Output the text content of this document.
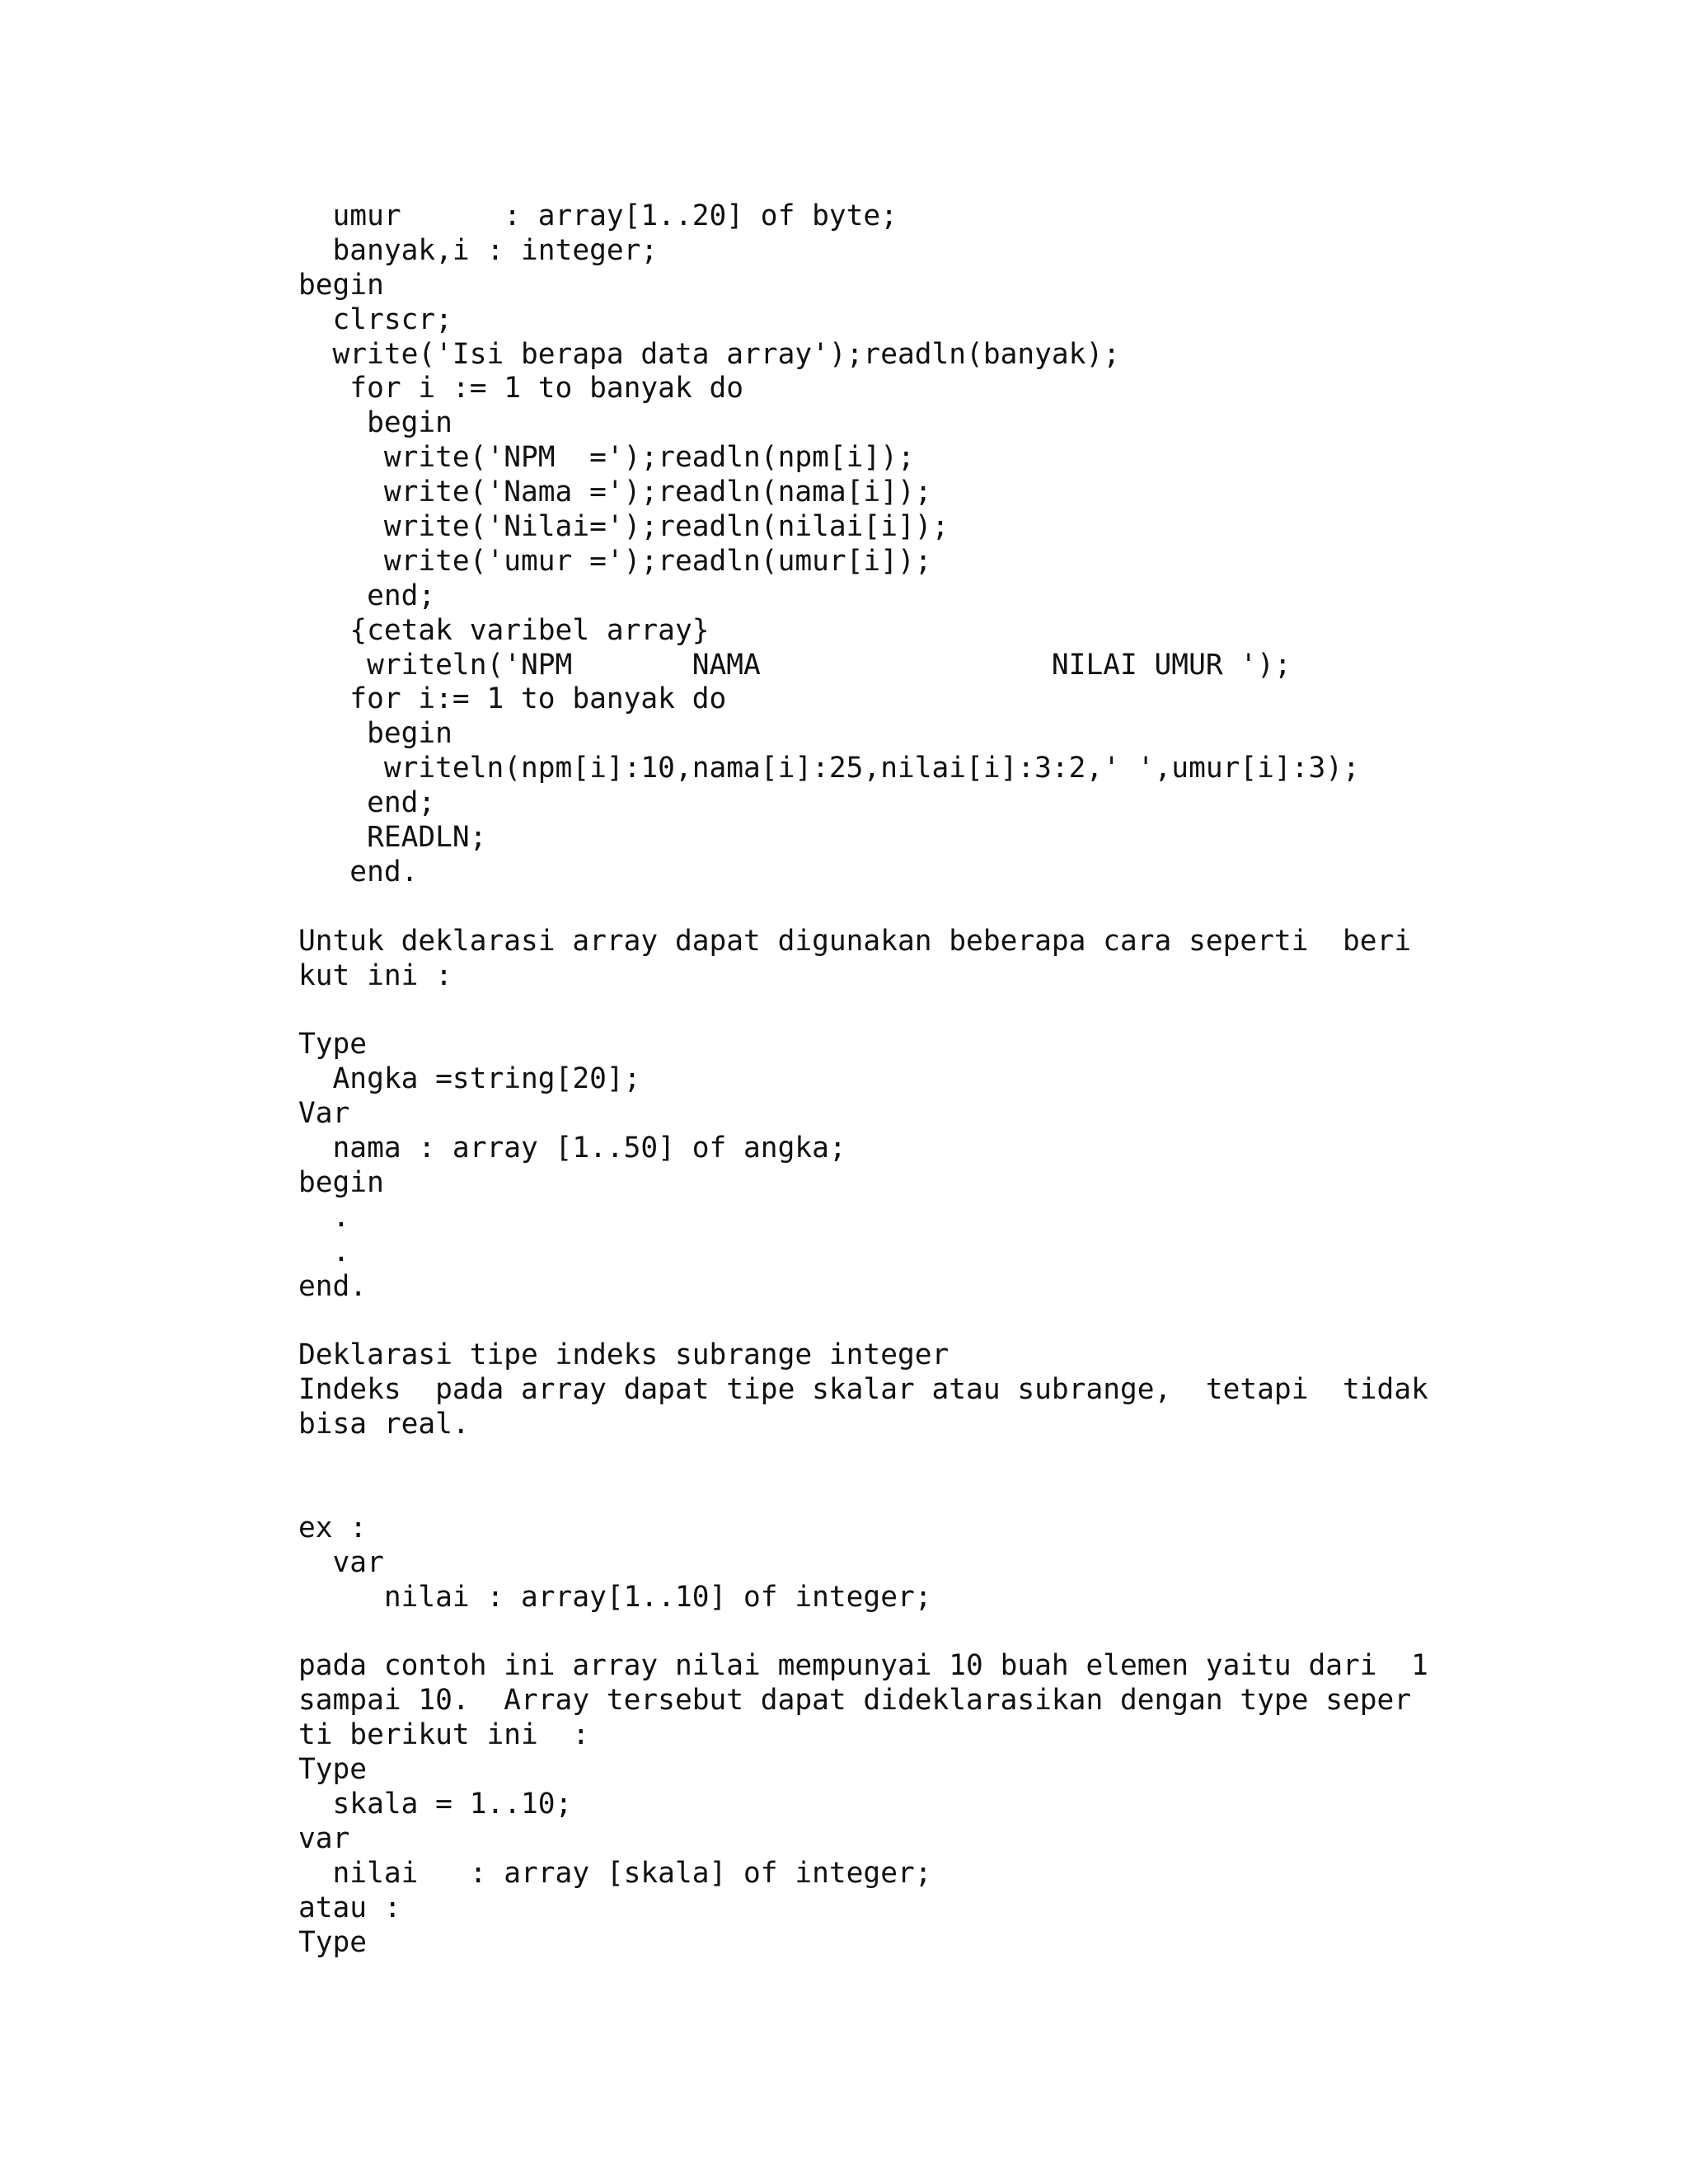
umur      : array[1..20] of byte;
banyak,i : integer;
begin
clrscr;
write('Isi berapa data array');readln(banyak);
for i := 1 to banyak do
begin
write('NPM  =');readln(npm[i]);
write('Nama =');readln(nama[i]);
write('Nilai=');readln(nilai[i]);
write('umur =');readln(umur[i]);
end;
{cetak varibel array}
writeln('NPM       NAMA                 NILAI UMUR ');
for i:= 1 to banyak do
begin
writeln(npm[i]:10,nama[i]:25,nilai[i]:3:2,' ',umur[i]:3);
end;
READLN;
end.
Untuk deklarasi array dapat digunakan beberapa cara seperti  beri
kut ini :
Type
Angka =string[20];
Var
nama : array [1..50] of angka;
begin
.
.
end.
Deklarasi tipe indeks subrange integer
Indeks  pada array dapat tipe skalar atau subrange,  tetapi  tidak
bisa real.
ex :
var
nilai : array[1..10] of integer;
pada contoh ini array nilai mempunyai 10 buah elemen yaitu dari  1
sampai 10.  Array tersebut dapat dideklarasikan dengan type seper
ti berikut ini  :
Type
skala = 1..10;
var
nilai   : array [skala] of integer;
atau :
Type
